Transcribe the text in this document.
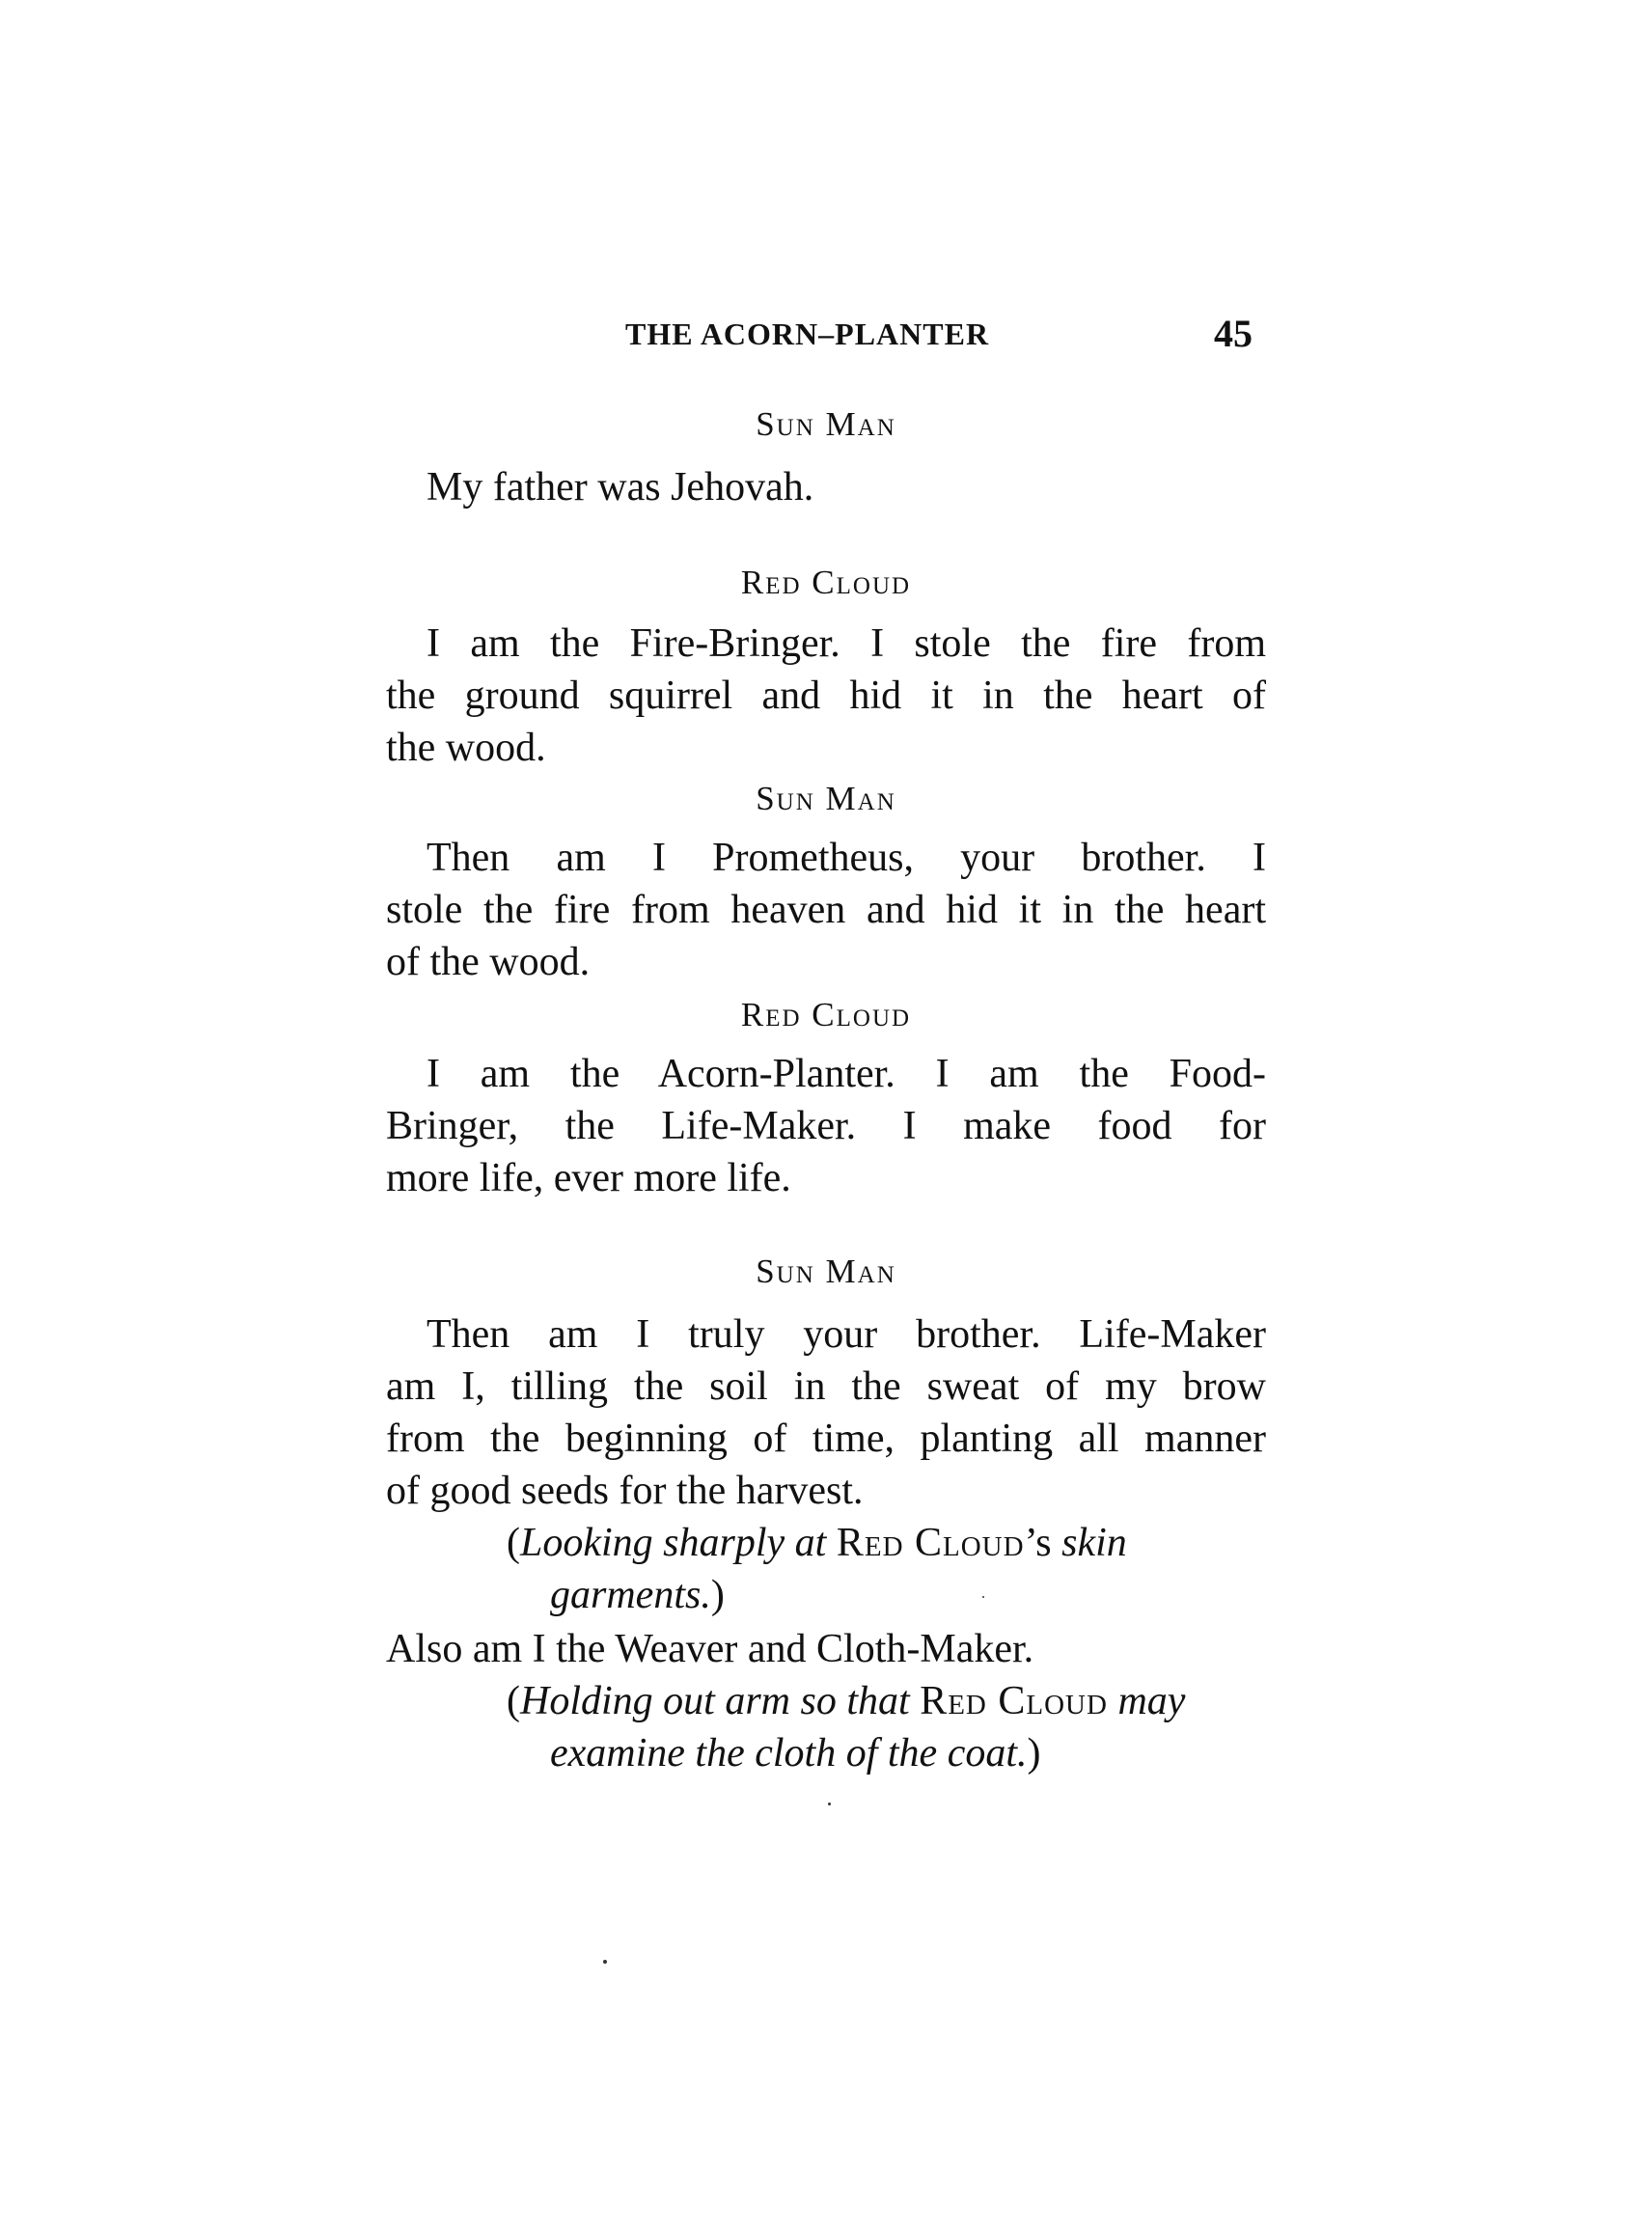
THE ACORN–PLANTER	45
Sun Man
My father was Jehovah.
Red Cloud
I am the Fire-Bringer. I stole the fire from
the ground squirrel and hid it in the heart of
the wood.
Sun Man
Then am I Prometheus, your brother. I
stole the fire from heaven and hid it in the heart
of the wood.
Red Cloud
I am the Acorn-Planter. I am the Food-
Bringer, the Life-Maker. I make food for
more life, ever more life.
Sun Man
Then am I truly your brother. Life-Maker
am I, tilling the soil in the sweat of my brow
from the beginning of time, planting all manner
of good seeds for the harvest.
(Looking sharply at Red Cloud’s skin
garments.)
Also am I the Weaver and Cloth-Maker.
(Holding out arm so that Red Cloud may
examine the cloth of the coat.)
